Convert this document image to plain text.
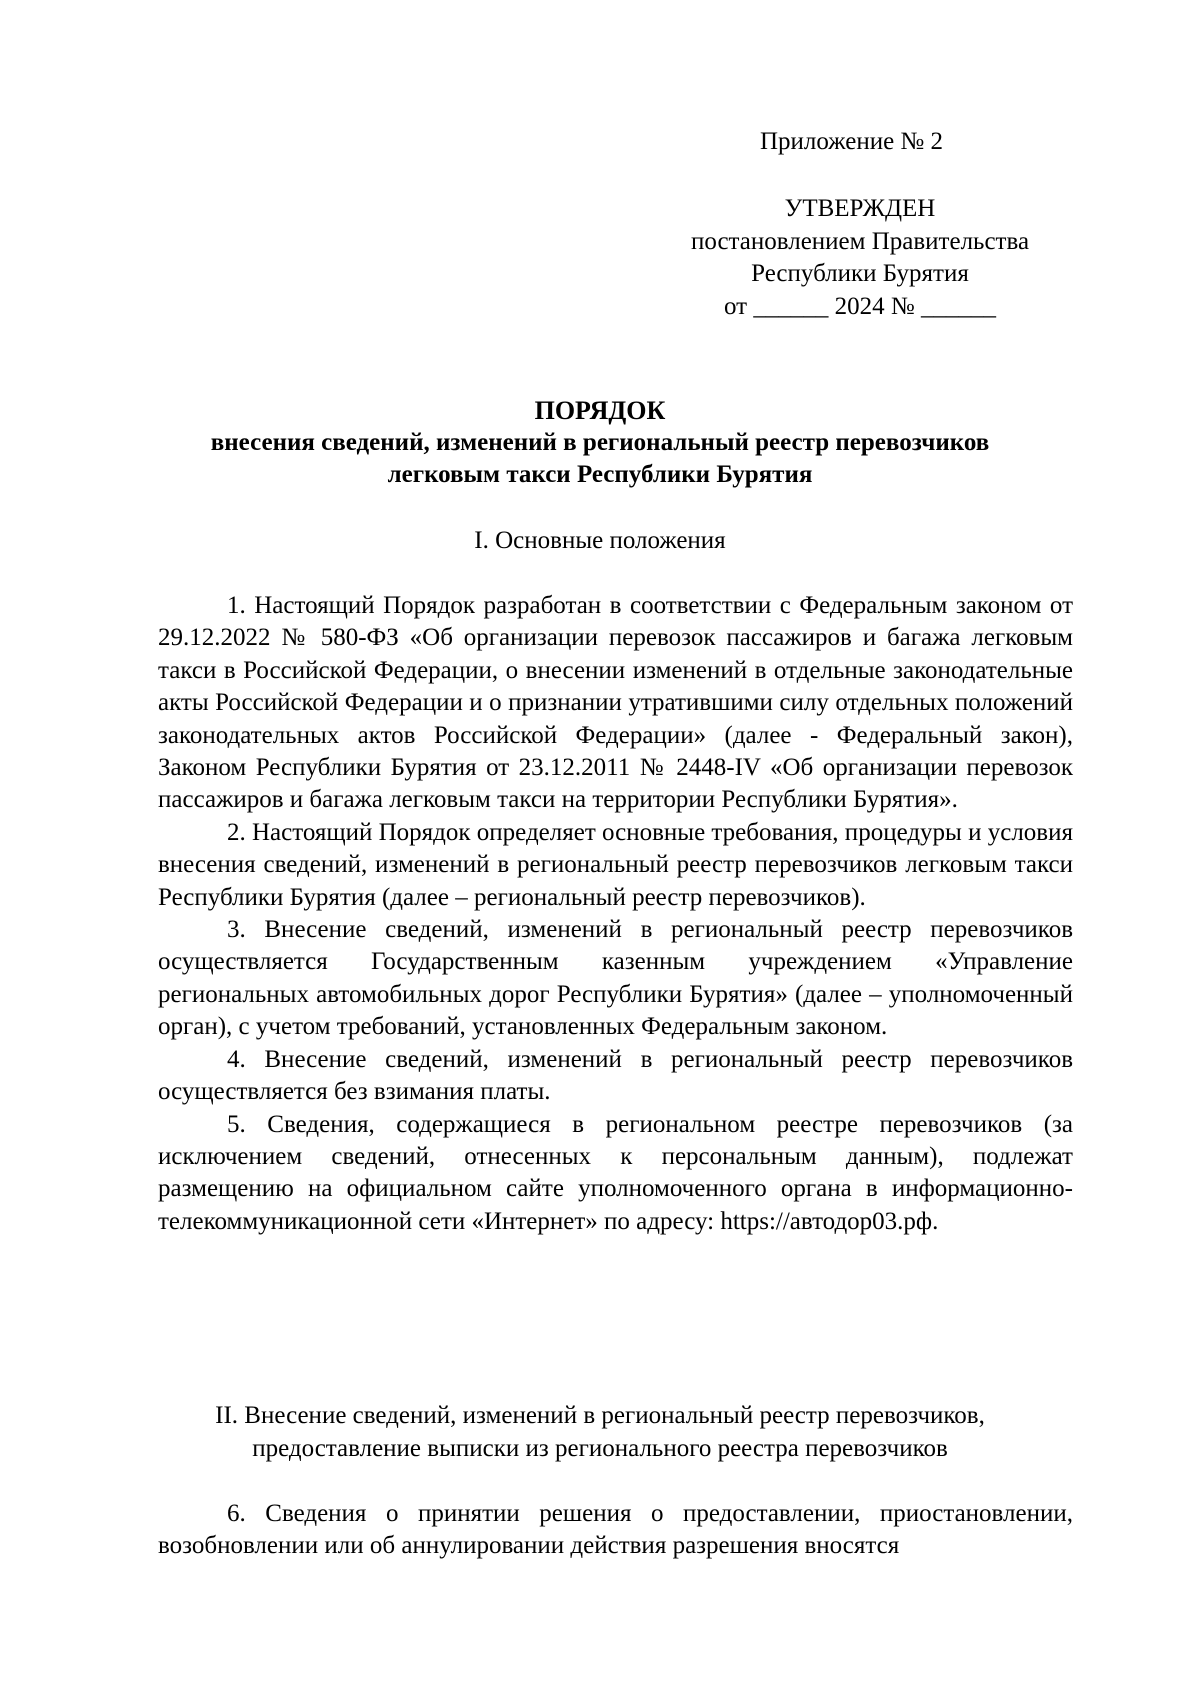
Приложение № 2
УТВЕРЖДЕН
постановлением Правительства
Республики Бурятия
от ______ 2024 № ______
ПОРЯДОК
внесения сведений, изменений в региональный реестр перевозчиков
легковым такси Республики Бурятия
I. Основные положения

1. Настоящий Порядок разработан в соответствии с Федеральным законом от 29.12.2022 № 580-ФЗ «Об организации перевозок пассажиров и багажа легковым такси в Российской Федерации, о внесении изменений в отдельные законодательные акты Российской Федерации и о признании утратившими силу отдельных положений законодательных актов Российской Федерации» (далее - Федеральный закон), Законом Республики Бурятия от 23.12.2011 № 2448-IV «Об организации перевозок пассажиров и багажа легковым такси на территории Республики Бурятия».

2. Настоящий Порядок определяет основные требования, процедуры и условия внесения сведений, изменений в региональный реестр перевозчиков легковым такси Республики Бурятия (далее – региональный реестр перевозчиков).

3. Внесение сведений, изменений в региональный реестр перевозчиков осуществляется Государственным казенным учреждением «Управление региональных автомобильных дорог Республики Бурятия» (далее – уполномоченный орган), с учетом требований, установленных Федеральным законом.

4. Внесение сведений, изменений в региональный реестр перевозчиков осуществляется без взимания платы.

5. Сведения, содержащиеся в региональном реестре перевозчиков (за исключением сведений, отнесенных к персональным данным), подлежат размещению на официальном сайте уполномоченного органа в информационно-телекоммуникационной сети «Интернет» по адресу: https://автодор03.рф.

II. Внесение сведений, изменений в региональный реестр перевозчиков,
предоставление выписки из регионального реестра перевозчиков

6. Сведения о принятии решения о предоставлении, приостановлении, возобновлении или об аннулировании действия разрешения вносятся
